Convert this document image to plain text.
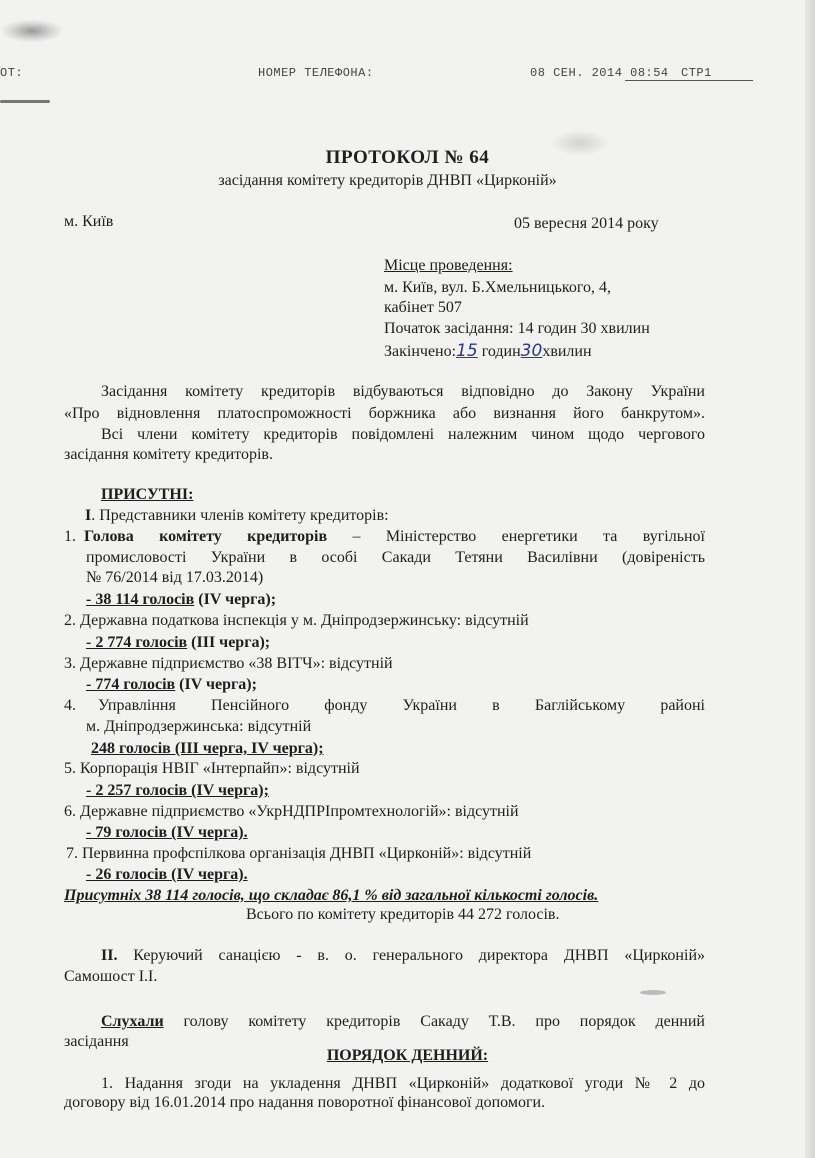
OT:	HOMEP TEЛEФOHA:	08 CEH. 2014 08:54 CTP1
ПРОТОКОЛ № 64
засідання комітету кредиторів ДНВП «Цирконій»
м. Київ	05 вересня 2014 року
Місце проведення:
м. Київ, вул. Б.Хмельницького, 4,
кабінет 507
Початок засідання: 14 годин 30 хвилин
Закінчено:15 годин30хвилин
Засідання комітету кредиторів відбуваються відповідно до Закону України
«Про відновлення платоспроможності боржника або визнання його банкрутом».
Всі члени комітету кредиторів повідомлені належним чином щодо чергового
засідання комітету кредиторів.
ПРИСУТНІ:
І. Представники членів комітету кредиторів:
1. Голова комітету кредиторів – Міністерство енергетики та вугільної
промисловості України в особі Сакади Тетяни Василівни (довіреність
№ 76/2014 від 17.03.2014)
- 38 114 голосів (IV черга);
2. Державна податкова інспекція у м. Дніпродзержинську: відсутній
- 2 774 голосів (ІІІ черга);
3. Державне підприємство «38 ВІТЧ»: відсутній
- 774 голосів (IV черга);
4. Управління Пенсійного фонду України в Баглійському районі
м. Дніпродзержинська: відсутній
248 голосів (ІІІ черга, IV черга);
5. Корпорація НВІГ «Інтерпайп»: відсутній
- 2 257 голосів (IV черга);
6. Державне підприємство «УкрНДПРІпромтехнологій»: відсутній
- 79 голосів (IV черга).
7. Первинна профспілкова організація ДНВП «Цирконій»: відсутній
- 26 голосів (IV черга).
Присутніх 38 114 голосів, що складає 86,1 % від загальної кількості голосів.
Всього по комітету кредиторів 44 272 голосів.
ІІ. Керуючий санацією - в. о. генерального директора ДНВП «Цирконій»
Самошост І.І.
Слухали голову комітету кредиторів Сакаду Т.В. про порядок денний
засідання
ПОРЯДОК ДЕННИЙ:
1. Надання згоди на укладення ДНВП «Цирконій» додаткової угоди № 2 до
договору від 16.01.2014 про надання поворотної фінансової допомоги.
